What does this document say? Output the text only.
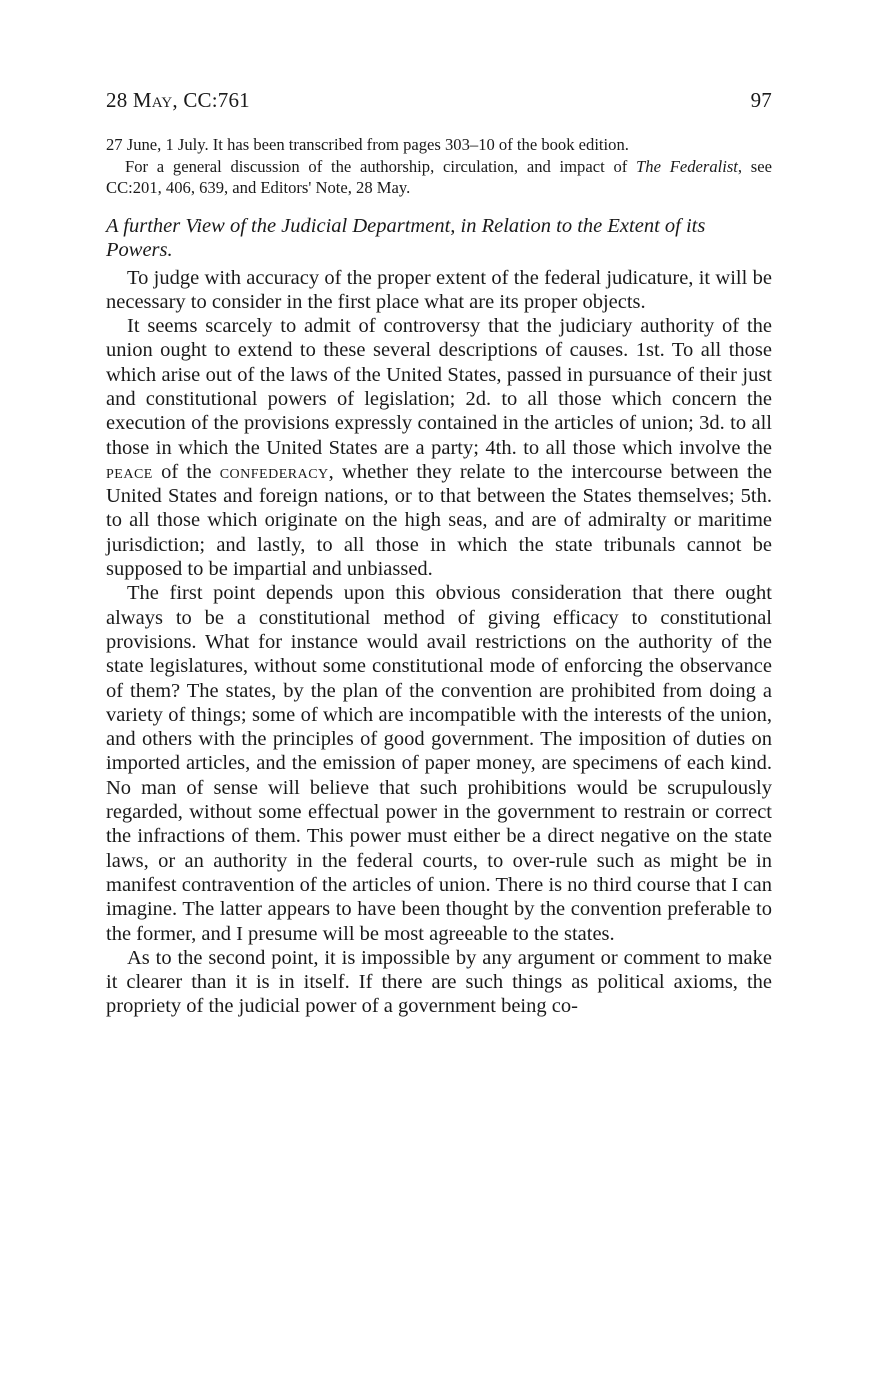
28 May, CC:761	97

27 June, 1 July. It has been transcribed from pages 303–10 of the book edition.

For a general discussion of the authorship, circulation, and impact of The Federalist, see CC:201, 406, 639, and Editors' Note, 28 May.

A further View of the Judicial Department, in Relation to the Extent of its Powers.

To judge with accuracy of the proper extent of the federal judicature, it will be necessary to consider in the first place what are its proper objects.

It seems scarcely to admit of controversy that the judiciary authority of the union ought to extend to these several descriptions of causes. 1st. To all those which arise out of the laws of the United States, passed in pursuance of their just and constitutional powers of legislation; 2d. to all those which concern the execution of the provisions expressly contained in the articles of union; 3d. to all those in which the United States are a party; 4th. to all those which involve the peace of the confederacy, whether they relate to the intercourse between the United States and foreign nations, or to that between the States themselves; 5th. to all those which originate on the high seas, and are of admiralty or maritime jurisdiction; and lastly, to all those in which the state tribunals cannot be supposed to be impartial and unbiassed.

The first point depends upon this obvious consideration that there ought always to be a constitutional method of giving efficacy to constitutional provisions. What for instance would avail restrictions on the authority of the state legislatures, without some constitutional mode of enforcing the observance of them? The states, by the plan of the convention are prohibited from doing a variety of things; some of which are incompatible with the interests of the union, and others with the principles of good government. The imposition of duties on imported articles, and the emission of paper money, are specimens of each kind. No man of sense will believe that such prohibitions would be scrupulously regarded, without some effectual power in the government to restrain or correct the infractions of them. This power must either be a direct negative on the state laws, or an authority in the federal courts, to over-rule such as might be in manifest contravention of the articles of union. There is no third course that I can imagine. The latter appears to have been thought by the convention preferable to the former, and I presume will be most agreeable to the states.

As to the second point, it is impossible by any argument or comment to make it clearer than it is in itself. If there are such things as political axioms, the propriety of the judicial power of a government being co-
